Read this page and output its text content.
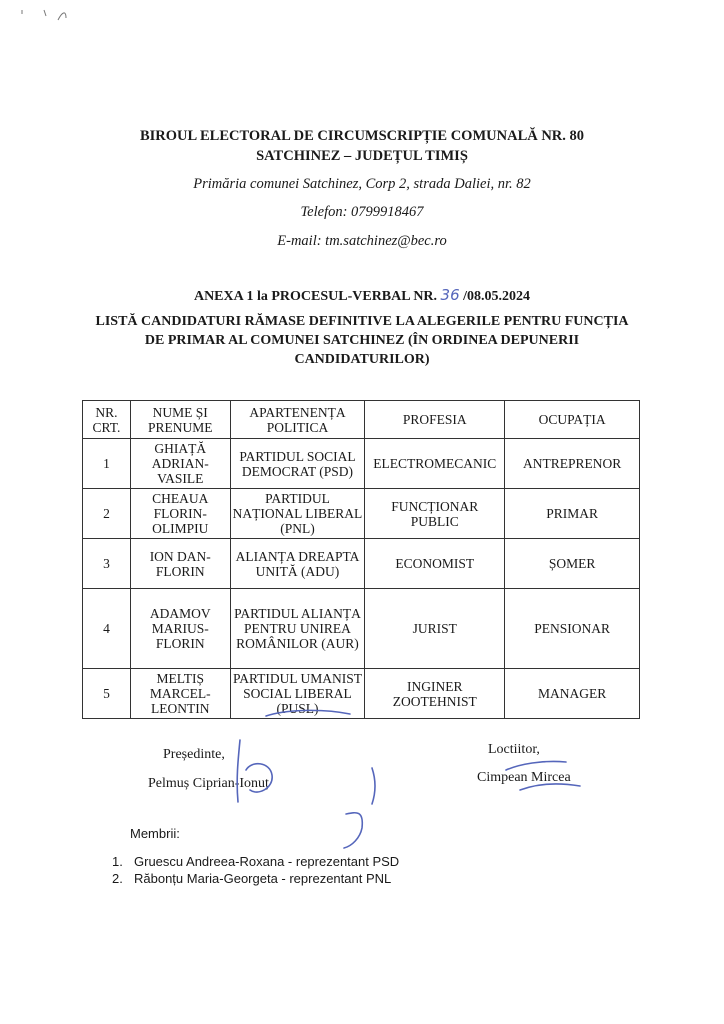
BIROUL ELECTORAL DE CIRCUMSCRIPȚIE COMUNALĂ NR. 80
SATCHINEZ – JUDEȚUL TIMIȘ
Primăria comunei Satchinez, Corp 2, strada Daliei, nr. 82
Telefon: 0799918467
E-mail: tm.satchinez@bec.ro
ANEXA 1 la PROCESUL-VERBAL NR. 36 /08.05.2024
LISTĂ CANDIDATURI RĂMASE DEFINITIVE LA ALEGERILE PENTRU FUNCȚIA
DE PRIMAR AL COMUNEI SATCHINEZ (ÎN ORDINEA DEPUNERII
CANDIDATURILOR)
NR. CRT.	NUME ȘI PRENUME	APARTENENȚA POLITICA	PROFESIA	OCUPAȚIA
1	GHIAȚĂ ADRIAN-VASILE	PARTIDUL SOCIAL DEMOCRAT (PSD)	ELECTROMECANIC	ANTREPRENOR
2	CHEAUA FLORIN-OLIMPIU	PARTIDUL NAȚIONAL LIBERAL (PNL)	FUNCȚIONAR PUBLIC	PRIMAR
3	ION DAN-FLORIN	ALIANȚA DREAPTA UNITĂ (ADU)	ECONOMIST	ȘOMER
4	ADAMOV MARIUS-FLORIN	PARTIDUL ALIANȚA PENTRU UNIREA ROMÂNILOR (AUR)	JURIST	PENSIONAR
5	MELTIȘ MARCEL-LEONTIN	PARTIDUL UMANIST SOCIAL LIBERAL (PUSL)	INGINER ZOOTEHNIST	MANAGER
Președinte,
Pelmuș Ciprian-Ionuț
Loctiitor,
Cimpean Mircea
Membrii:
1. Gruescu Andreea-Roxana - reprezentant PSD
2. Răbonțu Maria-Georgeta - reprezentant PNL
